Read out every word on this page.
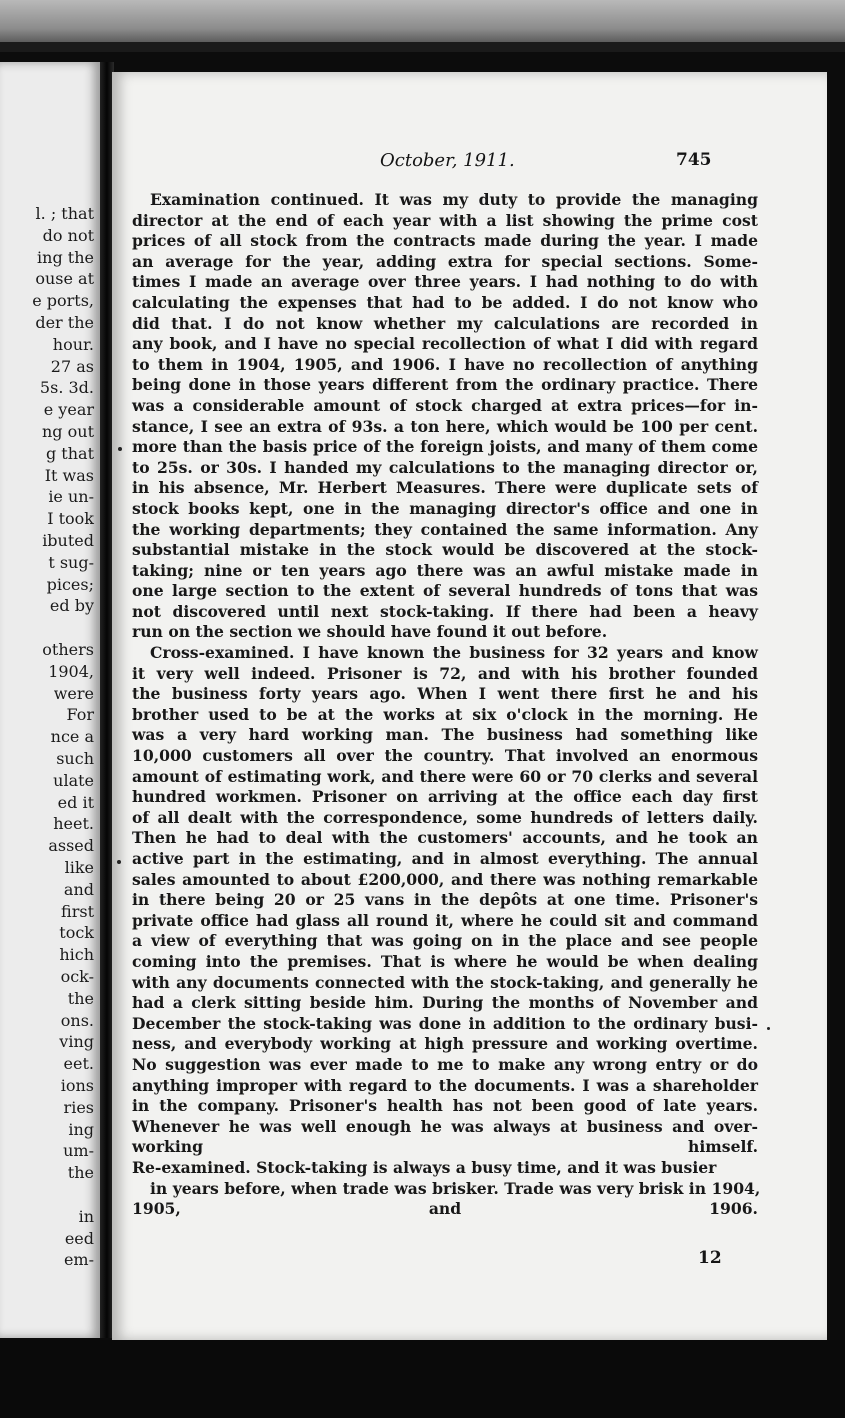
l. ; that
do not
ing the
ouse at
e ports,
der the
hour.
27 as
5s. 3d.
e year
ng out
g that
It was
ie un-
I took
ibuted
t sug-
pices;
ed by
others
1904,
were
For
nce a
such
ulate
ed it
heet.
assed
like
and
first
tock
hich
ock-
the
ons.
ving
eet.
ions
ries
ing
um-
the
in
eed
em-
October, 1911.	745
Examination continued. It was my duty to provide the managing
director at the end of each year with a list showing the prime cost
prices of all stock from the contracts made during the year. I made
an average for the year, adding extra for special sections. Some-
times I made an average over three years. I had nothing to do with
calculating the expenses that had to be added. I do not know who
did that. I do not know whether my calculations are recorded in
any book, and I have no special recollection of what I did with regard
to them in 1904, 1905, and 1906. I have no recollection of anything
being done in those years different from the ordinary practice. There
was a considerable amount of stock charged at extra prices—for in-
stance, I see an extra of 93s. a ton here, which would be 100 per cent.
more than the basis price of the foreign joists, and many of them come
to 25s. or 30s. I handed my calculations to the managing director or,
in his absence, Mr. Herbert Measures. There were duplicate sets of
stock books kept, one in the managing director's office and one in
the working departments; they contained the same information. Any
substantial mistake in the stock would be discovered at the stock-
taking; nine or ten years ago there was an awful mistake made in
one large section to the extent of several hundreds of tons that was
not discovered until next stock-taking. If there had been a heavy
run on the section we should have found it out before.
Cross-examined. I have known the business for 32 years and know
it very well indeed. Prisoner is 72, and with his brother founded
the business forty years ago. When I went there first he and his
brother used to be at the works at six o'clock in the morning. He
was a very hard working man. The business had something like
10,000 customers all over the country. That involved an enormous
amount of estimating work, and there were 60 or 70 clerks and several
hundred workmen. Prisoner on arriving at the office each day first
of all dealt with the correspondence, some hundreds of letters daily.
Then he had to deal with the customers' accounts, and he took an
active part in the estimating, and in almost everything. The annual
sales amounted to about £200,000, and there was nothing remarkable
in there being 20 or 25 vans in the depôts at one time. Prisoner's
private office had glass all round it, where he could sit and command
a view of everything that was going on in the place and see people
coming into the premises. That is where he would be when dealing
with any documents connected with the stock-taking, and generally he
had a clerk sitting beside him. During the months of November and
December the stock-taking was done in addition to the ordinary busi-
ness, and everybody working at high pressure and working overtime.
No suggestion was ever made to me to make any wrong entry or do
anything improper with regard to the documents. I was a shareholder
in the company. Prisoner's health has not been good of late years.
Whenever he was well enough he was always at business and over-
working himself.
Re-examined. Stock-taking is always a busy time, and it was busier
in years before, when trade was brisker. Trade was very brisk in 1904,
1905, and 1906.
12
